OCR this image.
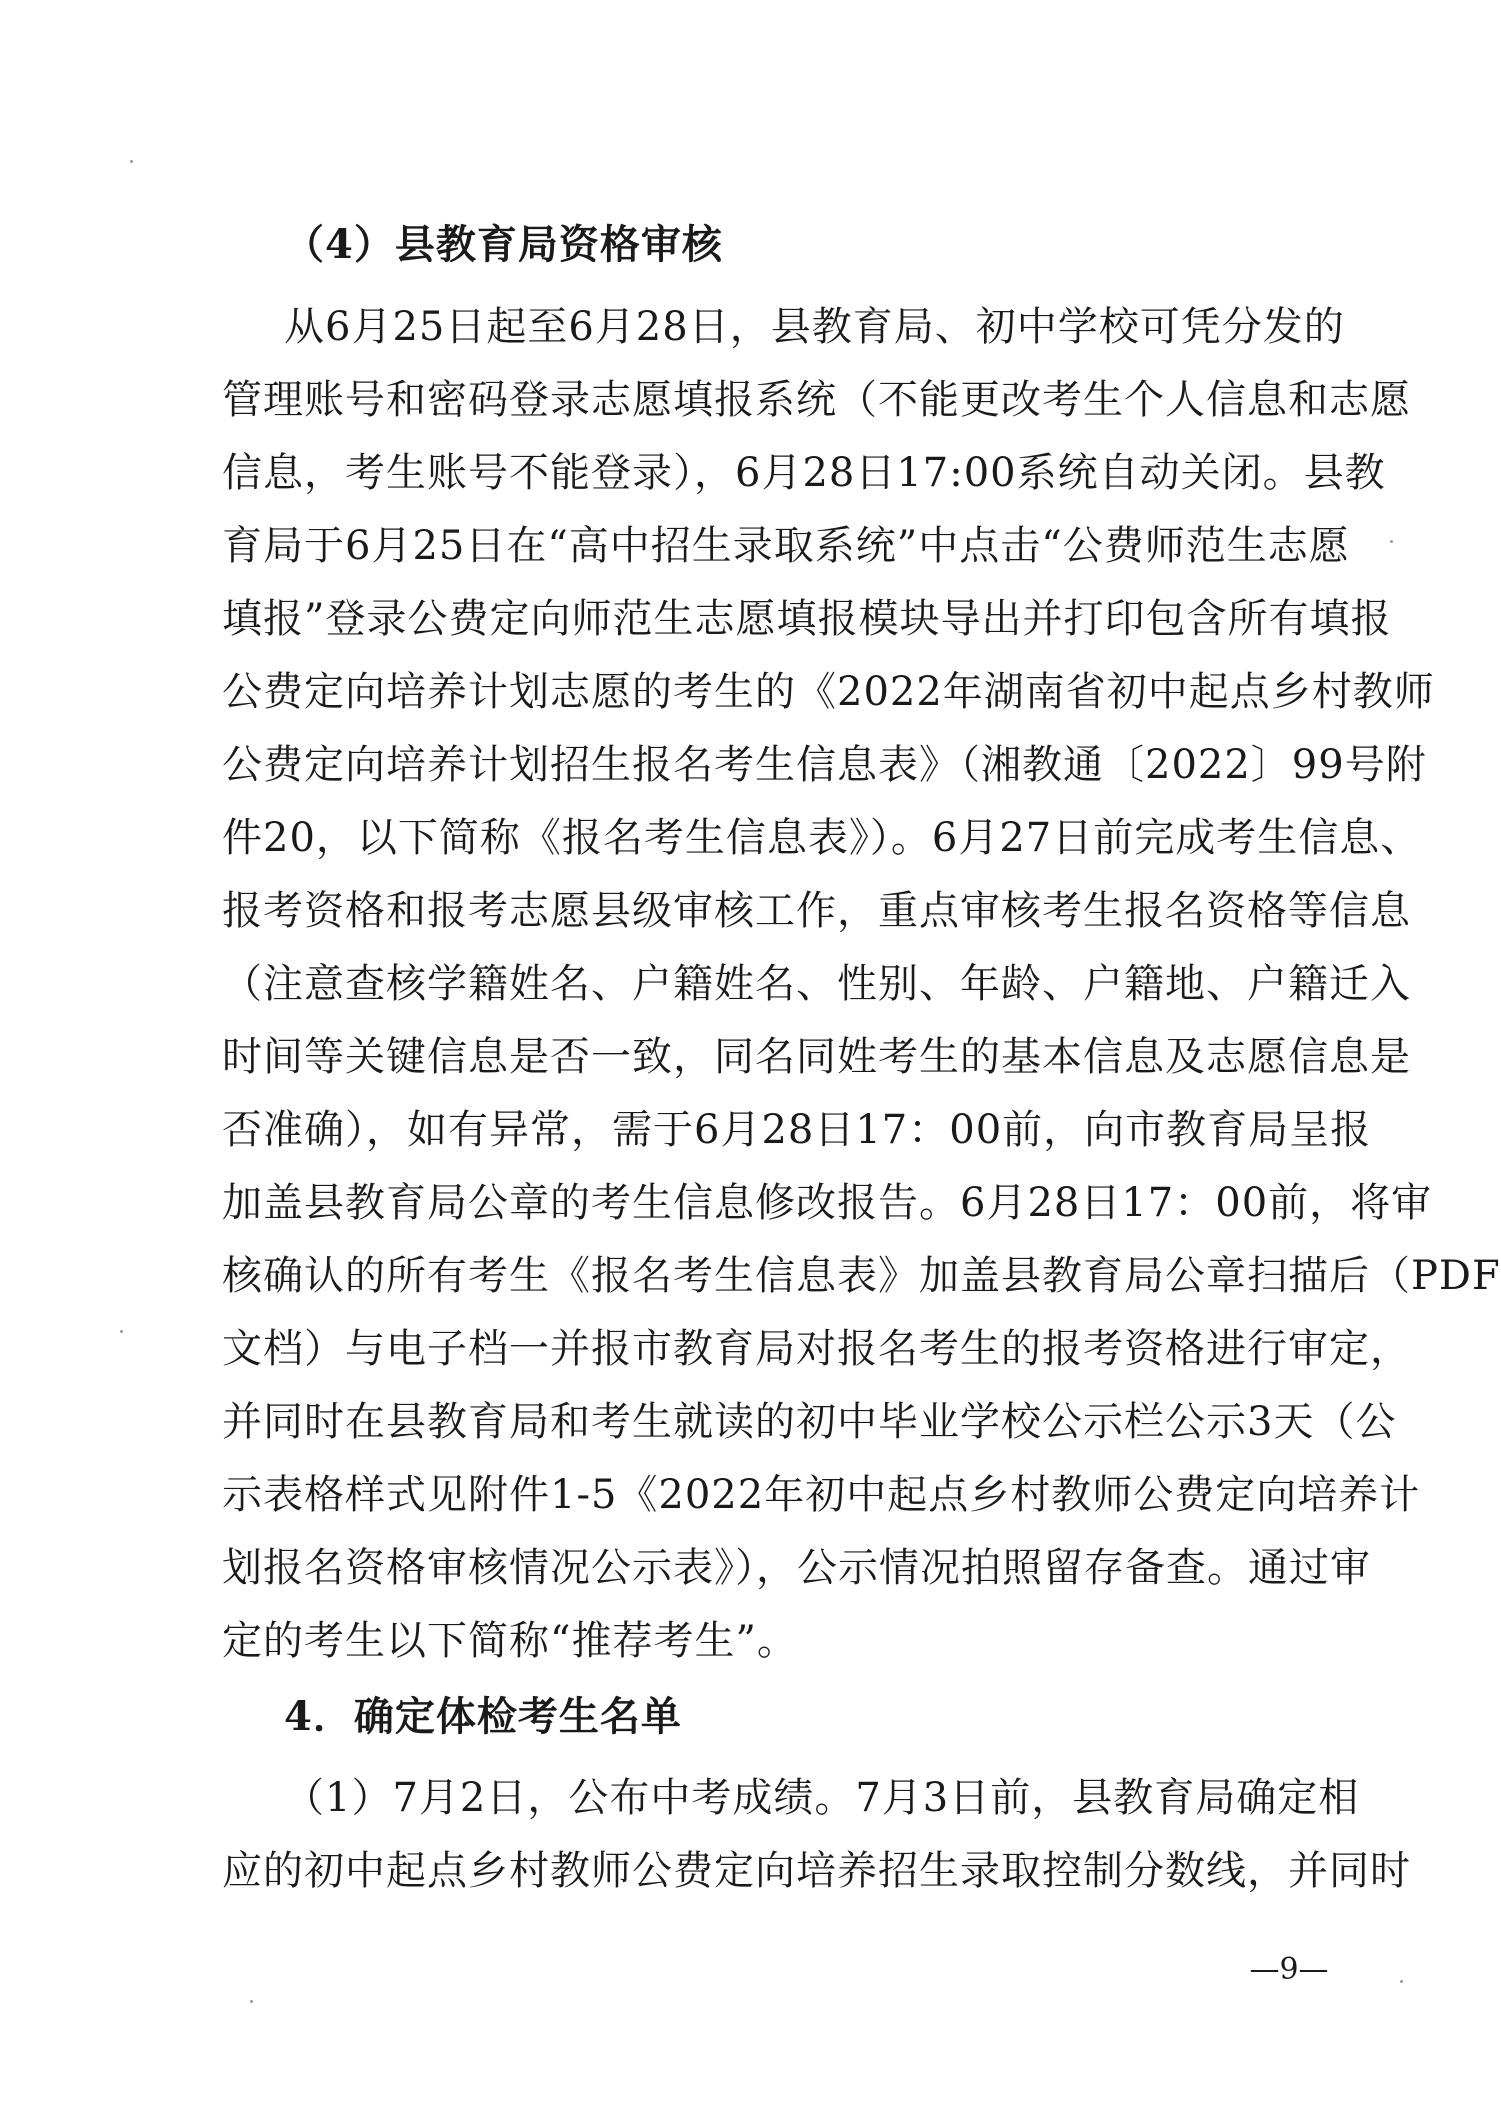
（4）县教育局资格审核
从6月25日起至6月28日，县教育局、初中学校可凭分发的
管理账号和密码登录志愿填报系统（不能更改考生个人信息和志愿
信息，考生账号不能登录），6月28日17:00系统自动关闭。县教
育局于6月25日在“高中招生录取系统”中点击“公费师范生志愿
填报”登录公费定向师范生志愿填报模块导出并打印包含所有填报
公费定向培养计划志愿的考生的《2022年湖南省初中起点乡村教师
公费定向培养计划招生报名考生信息表》（湘教通〔2022〕99号附
件20，以下简称《报名考生信息表》）。6月27日前完成考生信息、
报考资格和报考志愿县级审核工作，重点审核考生报名资格等信息
（注意查核学籍姓名、户籍姓名、性别、年龄、户籍地、户籍迁入
时间等关键信息是否一致，同名同姓考生的基本信息及志愿信息是
否准确），如有异常，需于6月28日17：00前，向市教育局呈报
加盖县教育局公章的考生信息修改报告。6月28日17：00前，将审
核确认的所有考生《报名考生信息表》加盖县教育局公章扫描后（PDF
文档）与电子档一并报市教育局对报名考生的报考资格进行审定，
并同时在县教育局和考生就读的初中毕业学校公示栏公示3天（公
示表格样式见附件1-5《2022年初中起点乡村教师公费定向培养计
划报名资格审核情况公示表》），公示情况拍照留存备查。通过审
定的考生以下简称“推荐考生”。
4．确定体检考生名单
（1）7月2日，公布中考成绩。7月3日前，县教育局确定相
应的初中起点乡村教师公费定向培养招生录取控制分数线，并同时
—9—
